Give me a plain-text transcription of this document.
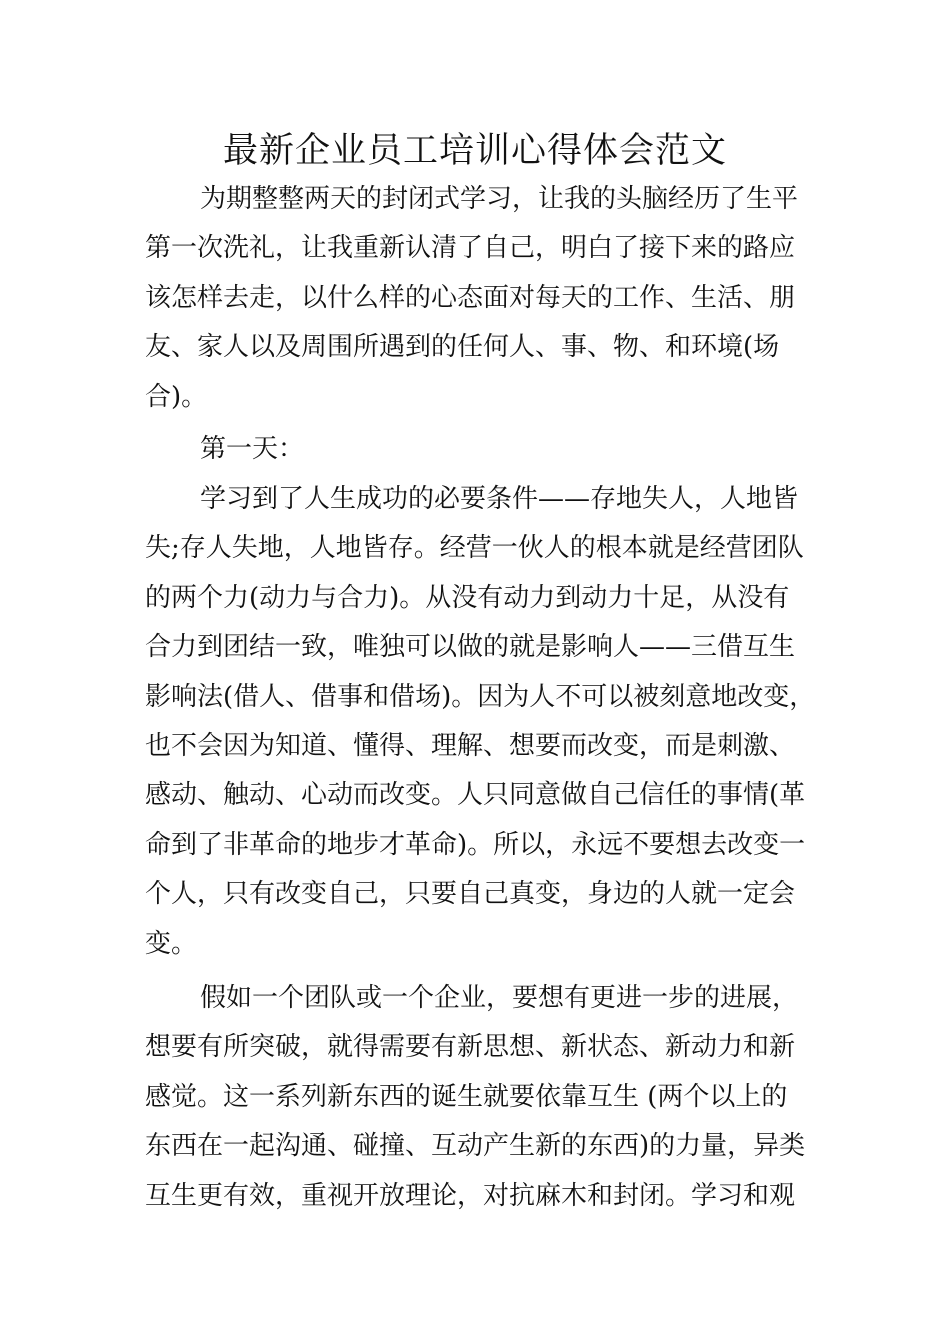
最新企业员工培训心得体会范文
为期整整两天的封闭式学习，让我的头脑经历了生平
第一次洗礼，让我重新认清了自己，明白了接下来的路应
该怎样去走，以什么样的心态面对每天的工作、生活、朋
友、家人以及周围所遇到的任何人、事、物、和环境(场
合)。
第一天：
学习到了人生成功的必要条件——存地失人，人地皆
失;存人失地，人地皆存。经营一伙人的根本就是经营团队
的两个力(动力与合力)。从没有动力到动力十足，从没有
合力到团结一致，唯独可以做的就是影响人——三借互生
影响法(借人、借事和借场)。因为人不可以被刻意地改变，
也不会因为知道、懂得、理解、想要而改变，而是刺激、
感动、触动、心动而改变。人只同意做自己信任的事情(革
命到了非革命的地步才革命)。所以，永远不要想去改变一
个人，只有改变自己，只要自己真变，身边的人就一定会
变。
假如一个团队或一个企业，要想有更进一步的进展，
想要有所突破，就得需要有新思想、新状态、新动力和新
感觉。这一系列新东西的诞生就要依靠互生 (两个以上的
东西在一起沟通、碰撞、互动产生新的东西)的力量，异类
互生更有效，重视开放理论，对抗麻木和封闭。学习和观
